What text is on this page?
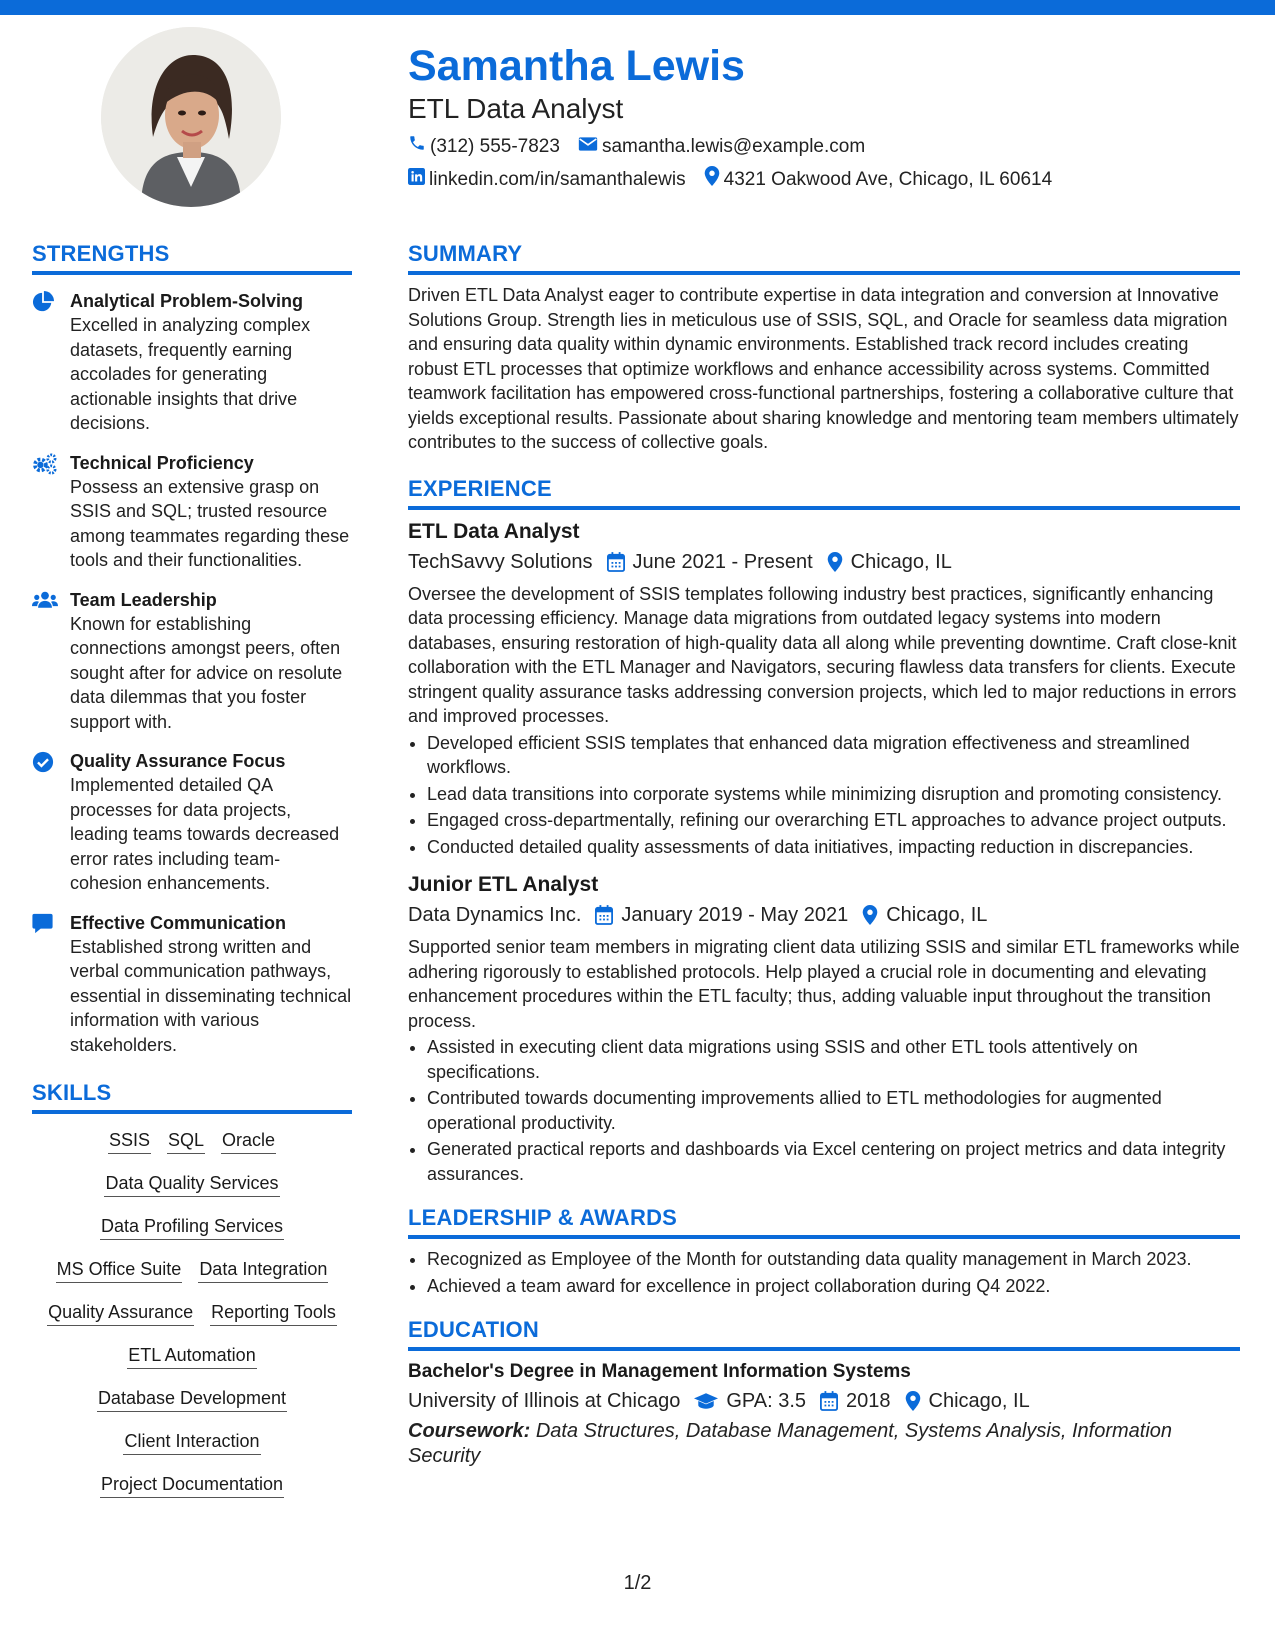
Samantha Lewis
ETL Data Analyst
(312) 555-7823 samantha.lewis@example.com
linkedin.com/in/samanthalewis 4321 Oakwood Ave, Chicago, IL 60614
STRENGTHS
Analytical Problem-Solving
Excelled in analyzing complex datasets, frequently earning accolades for generating actionable insights that drive decisions.
Technical Proficiency
Possess an extensive grasp on SSIS and SQL; trusted resource among teammates regarding these tools and their functionalities.
Team Leadership
Known for establishing connections amongst peers, often sought after for advice on resolute data dilemmas that you foster support with.
Quality Assurance Focus
Implemented detailed QA processes for data projects, leading teams towards decreased error rates including team-cohesion enhancements.
Effective Communication
Established strong written and verbal communication pathways, essential in disseminating technical information with various stakeholders.
SKILLS
SSIS SQL Oracle
Data Quality Services
Data Profiling Services
MS Office Suite Data Integration
Quality Assurance Reporting Tools
ETL Automation
Database Development
Client Interaction
Project Documentation
SUMMARY
Driven ETL Data Analyst eager to contribute expertise in data integration and conversion at Innovative Solutions Group. Strength lies in meticulous use of SSIS, SQL, and Oracle for seamless data migration and ensuring data quality within dynamic environments. Established track record includes creating robust ETL processes that optimize workflows and enhance accessibility across systems. Committed teamwork facilitation has empowered cross-functional partnerships, fostering a collaborative culture that yields exceptional results. Passionate about sharing knowledge and mentoring team members ultimately contributes to the success of collective goals.
EXPERIENCE
ETL Data Analyst
TechSavvy Solutions June 2021 - Present Chicago, IL
Oversee the development of SSIS templates following industry best practices, significantly enhancing data processing efficiency. Manage data migrations from outdated legacy systems into modern databases, ensuring restoration of high-quality data all along while preventing downtime. Craft close-knit collaboration with the ETL Manager and Navigators, securing flawless data transfers for clients. Execute stringent quality assurance tasks addressing conversion projects, which led to major reductions in errors and improved processes.
• Developed efficient SSIS templates that enhanced data migration effectiveness and streamlined workflows.
• Lead data transitions into corporate systems while minimizing disruption and promoting consistency.
• Engaged cross-departmentally, refining our overarching ETL approaches to advance project outputs.
• Conducted detailed quality assessments of data initiatives, impacting reduction in discrepancies.
Junior ETL Analyst
Data Dynamics Inc. January 2019 - May 2021 Chicago, IL
Supported senior team members in migrating client data utilizing SSIS and similar ETL frameworks while adhering rigorously to established protocols. Help played a crucial role in documenting and elevating enhancement procedures within the ETL faculty; thus, adding valuable input throughout the transition process.
• Assisted in executing client data migrations using SSIS and other ETL tools attentively on specifications.
• Contributed towards documenting improvements allied to ETL methodologies for augmented operational productivity.
• Generated practical reports and dashboards via Excel centering on project metrics and data integrity assurances.
LEADERSHIP & AWARDS
• Recognized as Employee of the Month for outstanding data quality management in March 2023.
• Achieved a team award for excellence in project collaboration during Q4 2022.
EDUCATION
Bachelor's Degree in Management Information Systems
University of Illinois at Chicago GPA: 3.5 2018 Chicago, IL
Coursework: Data Structures, Database Management, Systems Analysis, Information Security
1/2
